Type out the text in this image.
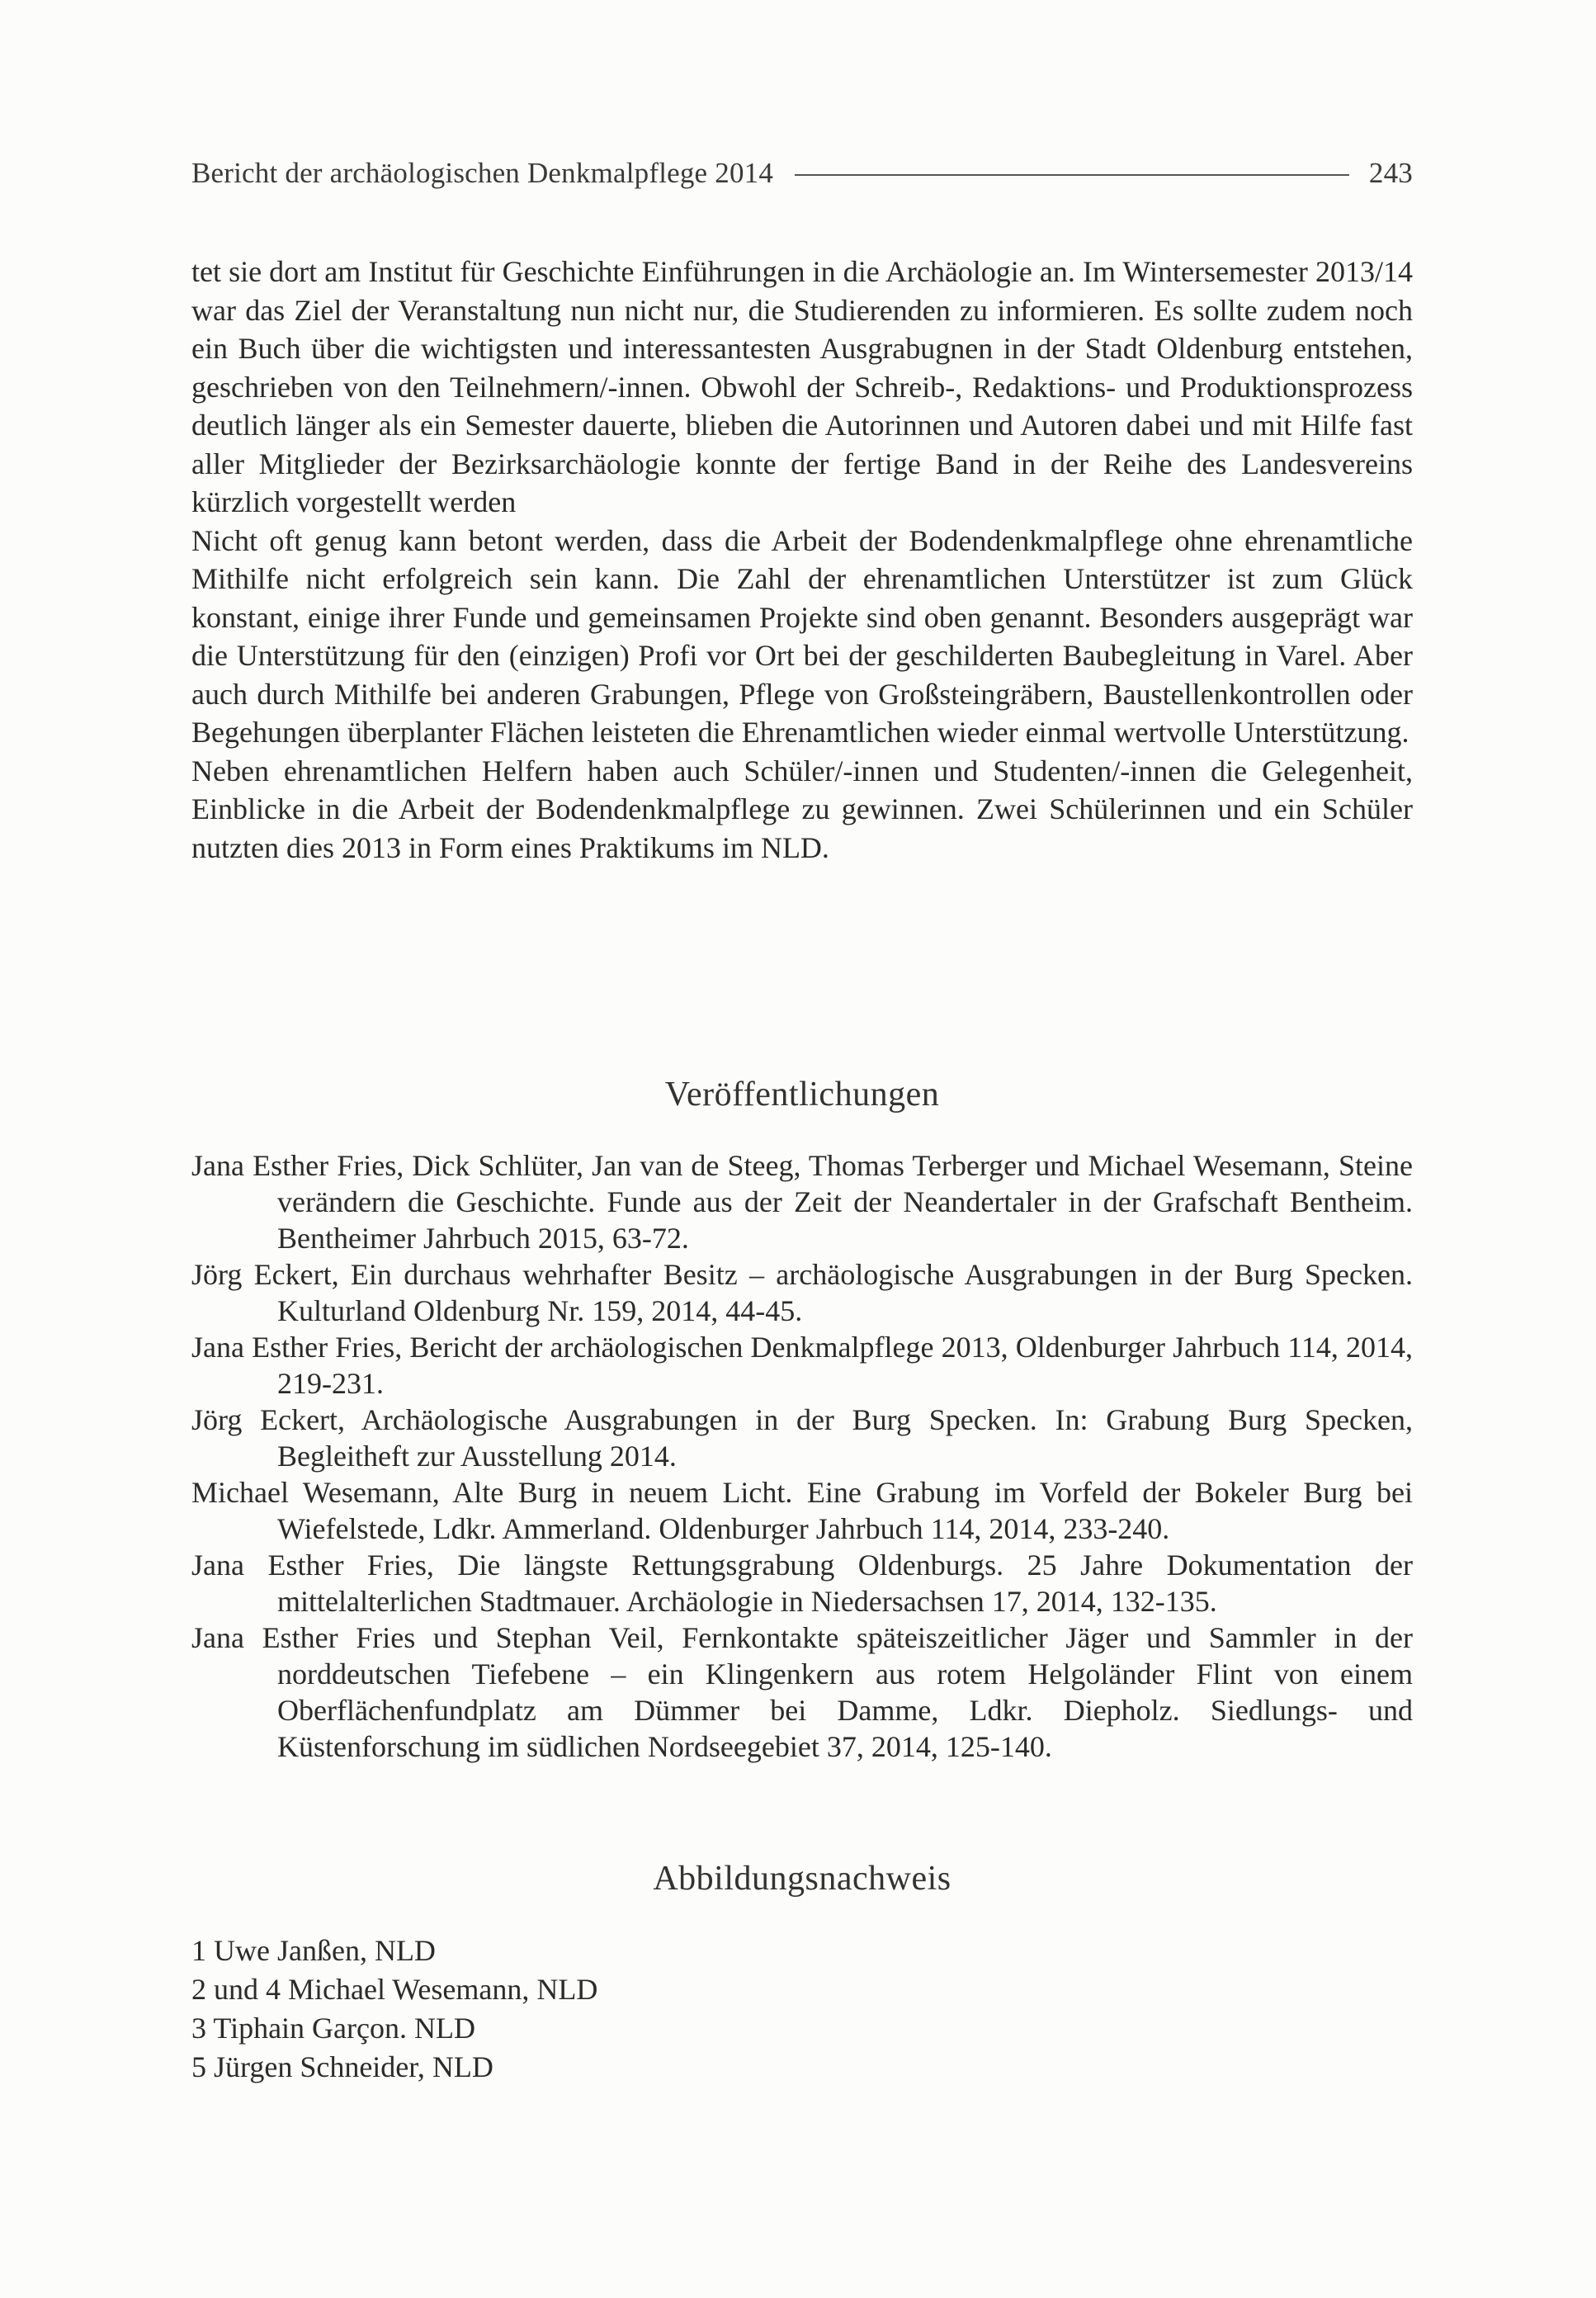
Bericht der archäologischen Denkmalpflege 2014	243

tet sie dort am Institut für Geschichte Einführungen in die Archäologie an. Im Wintersemester 2013/14 war das Ziel der Veranstaltung nun nicht nur, die Studierenden zu informieren. Es sollte zudem noch ein Buch über die wichtigsten und interessantesten Ausgrabugnen in der Stadt Oldenburg entstehen, geschrieben von den Teilnehmern/-innen. Obwohl der Schreib-, Redaktions- und Produktionsprozess deutlich länger als ein Semester dauerte, blieben die Autorinnen und Autoren dabei und mit Hilfe fast aller Mitglieder der Bezirksarchäologie konnte der fertige Band in der Reihe des Landesvereins kürzlich vorgestellt werden

Nicht oft genug kann betont werden, dass die Arbeit der Bodendenkmalpflege ohne ehrenamtliche Mithilfe nicht erfolgreich sein kann. Die Zahl der ehrenamtlichen Unterstützer ist zum Glück konstant, einige ihrer Funde und gemeinsamen Projekte sind oben genannt. Besonders ausgeprägt war die Unterstützung für den (einzigen) Profi vor Ort bei der geschilderten Baubegleitung in Varel. Aber auch durch Mithilfe bei anderen Grabungen, Pflege von Großsteingräbern, Baustellenkontrollen oder Begehungen überplanter Flächen leisteten die Ehrenamtlichen wieder einmal wertvolle Unterstützung.

Neben ehrenamtlichen Helfern haben auch Schüler/-innen und Studenten/-innen die Gelegenheit, Einblicke in die Arbeit der Bodendenkmalpflege zu gewinnen. Zwei Schülerinnen und ein Schüler nutzten dies 2013 in Form eines Praktikums im NLD.

Veröffentlichungen
Jana Esther Fries, Dick Schlüter, Jan van de Steeg, Thomas Terberger und Michael Wesemann, Steine verändern die Geschichte. Funde aus der Zeit der Neandertaler in der Grafschaft Bentheim. Bentheimer Jahrbuch 2015, 63-72.
Jörg Eckert, Ein durchaus wehrhafter Besitz – archäologische Ausgrabungen in der Burg Specken. Kulturland Oldenburg Nr. 159, 2014, 44-45.
Jana Esther Fries, Bericht der archäologischen Denkmalpflege 2013, Oldenburger Jahrbuch 114, 2014, 219-231.
Jörg Eckert, Archäologische Ausgrabungen in der Burg Specken. In: Grabung Burg Specken, Begleitheft zur Ausstellung 2014.
Michael Wesemann, Alte Burg in neuem Licht. Eine Grabung im Vorfeld der Bokeler Burg bei Wiefelstede, Ldkr. Ammerland. Oldenburger Jahrbuch 114, 2014, 233-240.
Jana Esther Fries, Die längste Rettungsgrabung Oldenburgs. 25 Jahre Dokumentation der mittelalterlichen Stadtmauer. Archäologie in Niedersachsen 17, 2014, 132-135.
Jana Esther Fries und Stephan Veil, Fernkontakte späteiszeitlicher Jäger und Sammler in der norddeutschen Tiefebene – ein Klingenkern aus rotem Helgoländer Flint von einem Oberflächenfundplatz am Dümmer bei Damme, Ldkr. Diepholz. Siedlungs- und Küstenforschung im südlichen Nordseegebiet 37, 2014, 125-140.
Abbildungsnachweis
1 Uwe Janßen, NLD
2 und 4 Michael Wesemann, NLD
3 Tiphain Garçon. NLD
5 Jürgen Schneider, NLD
